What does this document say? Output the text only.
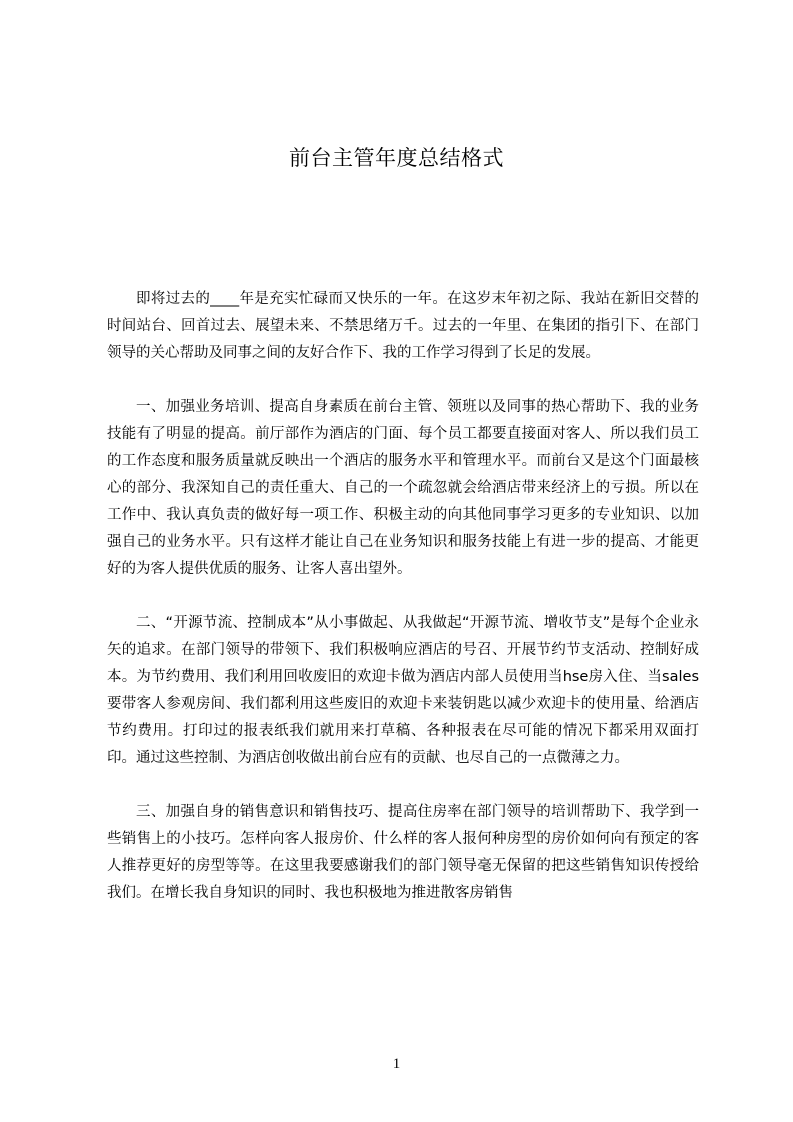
前台主管年度总结格式

即将过去的____年是充实忙碌而又快乐的一年。在这岁末年初之际、我站在新旧交替的时间站台、回首过去、展望未来、不禁思绪万千。过去的一年里、在集团的指引下、在部门领导的关心帮助及同事之间的友好合作下、我的工作学习得到了长足的发展。

一、加强业务培训、提高自身素质在前台主管、领班以及同事的热心帮助下、我的业务技能有了明显的提高。前厅部作为酒店的门面、每个员工都要直接面对客人、所以我们员工的工作态度和服务质量就反映出一个酒店的服务水平和管理水平。而前台又是这个门面最核心的部分、我深知自己的责任重大、自己的一个疏忽就会给酒店带来经济上的亏损。所以在工作中、我认真负责的做好每一项工作、积极主动的向其他同事学习更多的专业知识、以加强自己的业务水平。只有这样才能让自己在业务知识和服务技能上有进一步的提高、才能更好的为客人提供优质的服务、让客人喜出望外。

二、“开源节流、控制成本”从小事做起、从我做起“开源节流、增收节支”是每个企业永矢的追求。在部门领导的带领下、我们积极响应酒店的号召、开展节约节支活动、控制好成本。为节约费用、我们利用回收废旧的欢迎卡做为酒店内部人员使用当hse房入住、当sales要带客人参观房间、我们都利用这些废旧的欢迎卡来装钥匙以减少欢迎卡的使用量、给酒店节约费用。打印过的报表纸我们就用来打草稿、各种报表在尽可能的情况下都采用双面打印。通过这些控制、为酒店创收做出前台应有的贡献、也尽自己的一点微薄之力。

三、加强自身的销售意识和销售技巧、提高住房率在部门领导的培训帮助下、我学到一些销售上的小技巧。怎样向客人报房价、什么样的客人报何种房型的房价如何向有预定的客人推荐更好的房型等等。在这里我要感谢我们的部门领导毫无保留的把这些销售知识传授给我们。在增长我自身知识的同时、我也积极地为推进散客房销售

1
